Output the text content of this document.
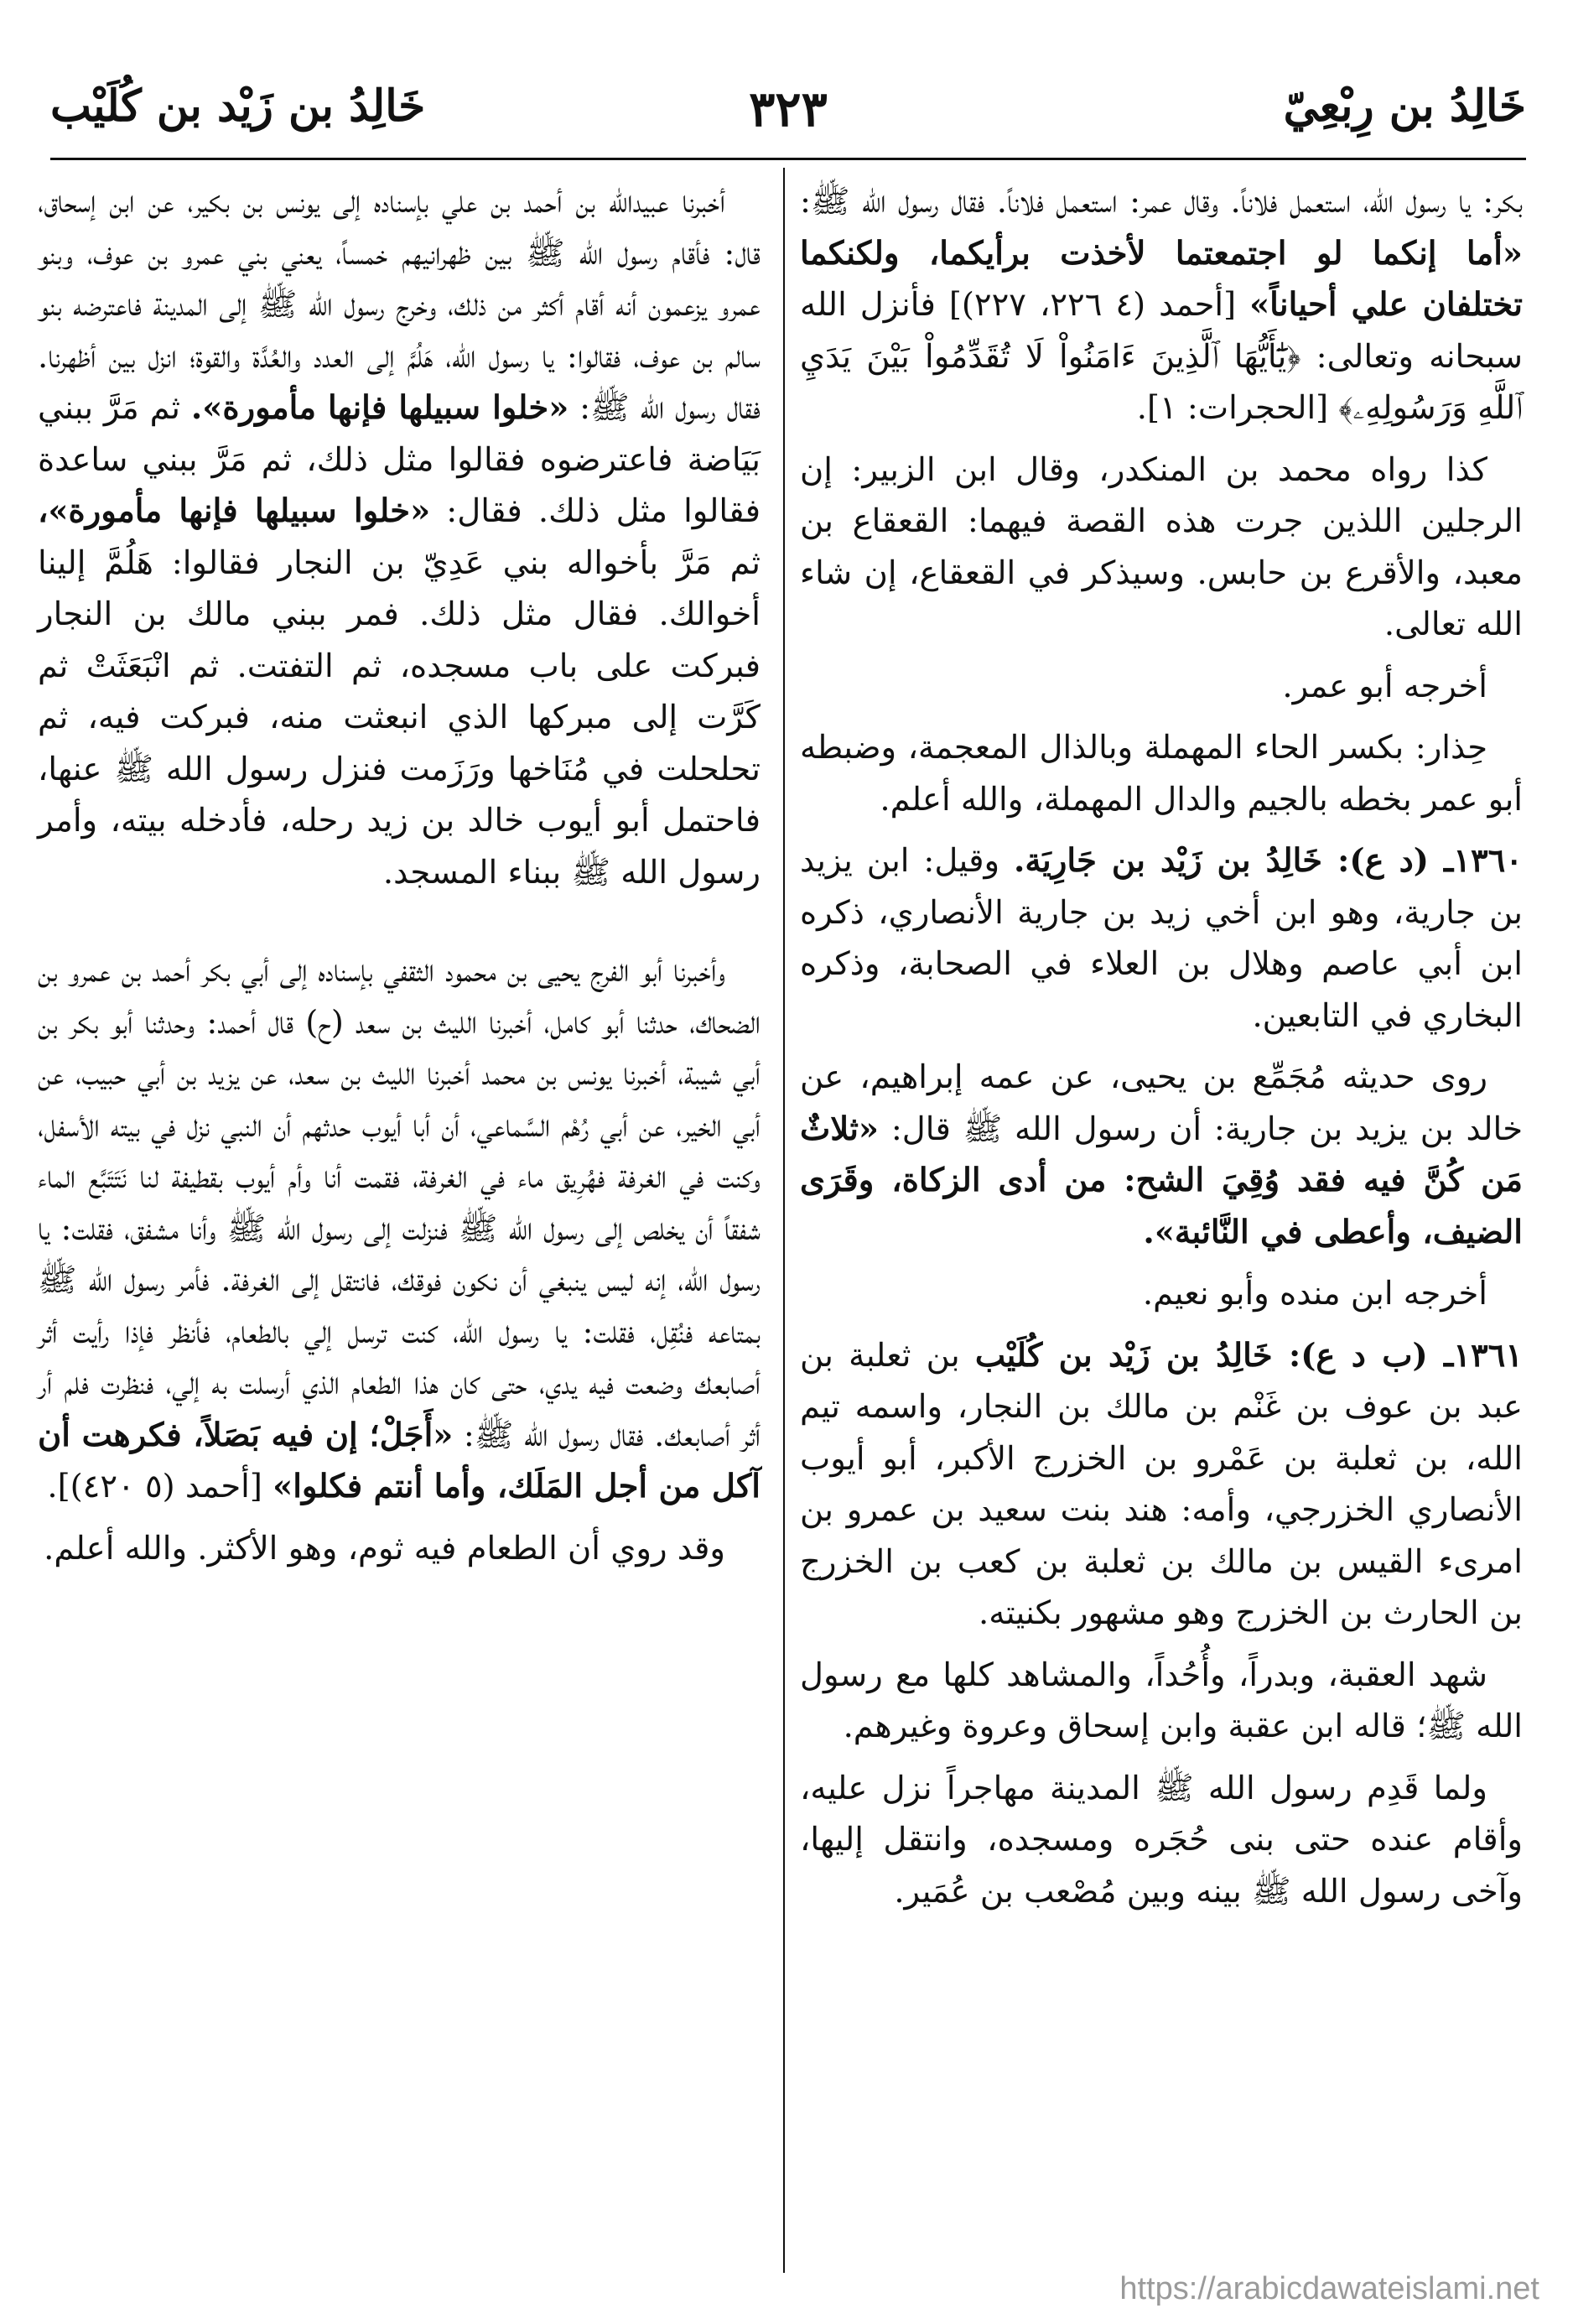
خَالِدُ بن رِبْعِيّ
٣٢٣
خَالِدُ بن زَيْد بن كُلَيْب

بكر: يا رسول الله، استعمل فلاناً. وقال عمر: استعمل فلاناً. فقال رسول الله ﷺ: «أما إنكما لو اجتمعتما لأخذت برأيكما، ولكنكما تختلفان علي أحياناً» [أحمد (٤ ٢٢٦، ٢٢٧)] فأنزل الله سبحانه وتعالى: ﴿يَٰٓأَيُّهَا ٱلَّذِينَ ءَامَنُواْ لَا تُقَدِّمُواْ بَيْنَ يَدَيِ ٱللَّهِ وَرَسُولِهِۦ﴾ [الحجرات: ١].

كذا رواه محمد بن المنكدر، وقال ابن الزبير: إن الرجلين اللذين جرت هذه القصة فيهما: القعقاع بن معبد، والأقرع بن حابس. وسيذكر في القعقاع، إن شاء الله تعالى.

أخرجه أبو عمر.

حِذار: بكسر الحاء المهملة وبالذال المعجمة، وضبطه أبو عمر بخطه بالجيم والدال المهملة، والله أعلم.

١٣٦٠ـ (د ع): خَالِدُ بن زَيْد بن جَارِيَة. وقيل: ابن يزيد بن جارية، وهو ابن أخي زيد بن جارية الأنصاري، ذكره ابن أبي عاصم وهلال بن العلاء في الصحابة، وذكره البخاري في التابعين.

روى حديثه مُجَمِّع بن يحيى، عن عمه إبراهيم، عن خالد بن يزيد بن جارية: أن رسول الله ﷺ قال: «ثلاثٌ مَن كُنَّ فيه فقد وُقِيَ الشح: من أدى الزكاة، وقَرَى الضيف، وأعطى في النَّائبة».

أخرجه ابن منده وأبو نعيم.

١٣٦١ـ (ب د ع): خَالِدُ بن زَيْد بن كُلَيْب بن ثعلبة بن عبد بن عوف بن غَنْم بن مالك بن النجار، واسمه تيم الله، بن ثعلبة بن عَمْرو بن الخزرج الأكبر، أبو أيوب الأنصاري الخزرجي، وأمه: هند بنت سعيد بن عمرو بن امرىء القيس بن مالك بن ثعلبة بن كعب بن الخزرج بن الحارث بن الخزرج وهو مشهور بكنيته.

شهد العقبة، وبدراً، وأُحُداً، والمشاهد كلها مع رسول الله ﷺ؛ قاله ابن عقبة وابن إسحاق وعروة وغيرهم.

ولما قَدِم رسول الله ﷺ المدينة مهاجراً نزل عليه، وأقام عنده حتى بنى حُجَره ومسجده، وانتقل إليها، وآخى رسول الله ﷺ بينه وبين مُصْعب بن عُمَير.

أخبرنا عبيدالله بن أحمد بن علي بإسناده إلى يونس بن بكير، عن ابن إسحاق، قال: فأقام رسول الله ﷺ بين ظهرانيهم خمساً، يعني بني عمرو بن عوف، وبنو عمرو يزعمون أنه أقام أكثر من ذلك، وخرج رسول الله ﷺ إلى المدينة فاعترضه بنو سالم بن عوف، فقالوا: يا رسول الله، هَلُمَّ إلى العدد والعُدَّة والقوة؛ انزل بين أظهرنا. فقال رسول الله ﷺ: «خلوا سبيلها فإنها مأمورة». ثم مَرَّ ببني بَيَاضة فاعترضوه فقالوا مثل ذلك، ثم مَرَّ ببني ساعدة فقالوا مثل ذلك. فقال: «خلوا سبيلها فإنها مأمورة»، ثم مَرَّ بأخواله بني عَدِيّ بن النجار فقالوا: هَلُمَّ إلينا أخوالك. فقال مثل ذلك. فمر ببني مالك بن النجار فبركت على باب مسجده، ثم التفتت. ثم انْبَعَثَتْ ثم كَرَّت إلى مبركها الذي انبعثت منه، فبركت فيه، ثم تحلحلت في مُنَاخها ورَزَمت فنزل رسول الله ﷺ عنها، فاحتمل أبو أيوب خالد بن زيد رحله، فأدخله بيته، وأمر رسول الله ﷺ ببناء المسجد.

وأخبرنا أبو الفرج يحيى بن محمود الثقفي بإسناده إلى أبي بكر أحمد بن عمرو بن الضحاك، حدثنا أبو كامل، أخبرنا الليث بن سعد (ح) قال أحمد: وحدثنا أبو بكر بن أبي شيبة، أخبرنا يونس بن محمد أخبرنا الليث بن سعد، عن يزيد بن أبي حبيب، عن أبي الخير، عن أبي رُهْم السَّماعي، أن أبا أيوب حدثهم أن النبي نزل في بيته الأسفل، وكنت في الغرفة فهُرِيق ماء في الغرفة، فقمت أنا وأم أيوب بقطيفة لنا نَتَتَبَّع الماء شفقاً أن يخلص إلى رسول الله ﷺ فنزلت إلى رسول الله ﷺ وأنا مشفق، فقلت: يا رسول الله، إنه ليس ينبغي أن نكون فوقك، فانتقل إلى الغرفة. فأمر رسول الله ﷺ بمتاعه فنُقِل، فقلت: يا رسول الله، كنت ترسل إلي بالطعام، فأنظر فإذا رأيت أثر أصابعك وضعت فيه يدي، حتى كان هذا الطعام الذي أرسلت به إلي، فنظرت فلم أر أثر أصابعك. فقال رسول الله ﷺ: «أَجَلْ؛ إن فيه بَصَلاً، فكرهت أن آكل من أجل المَلَك، وأما أنتم فكلوا» [أحمد (٥ ٤٢٠)].

وقد روي أن الطعام فيه ثوم، وهو الأكثر. والله أعلم.

https://arabicdawateislami.net
